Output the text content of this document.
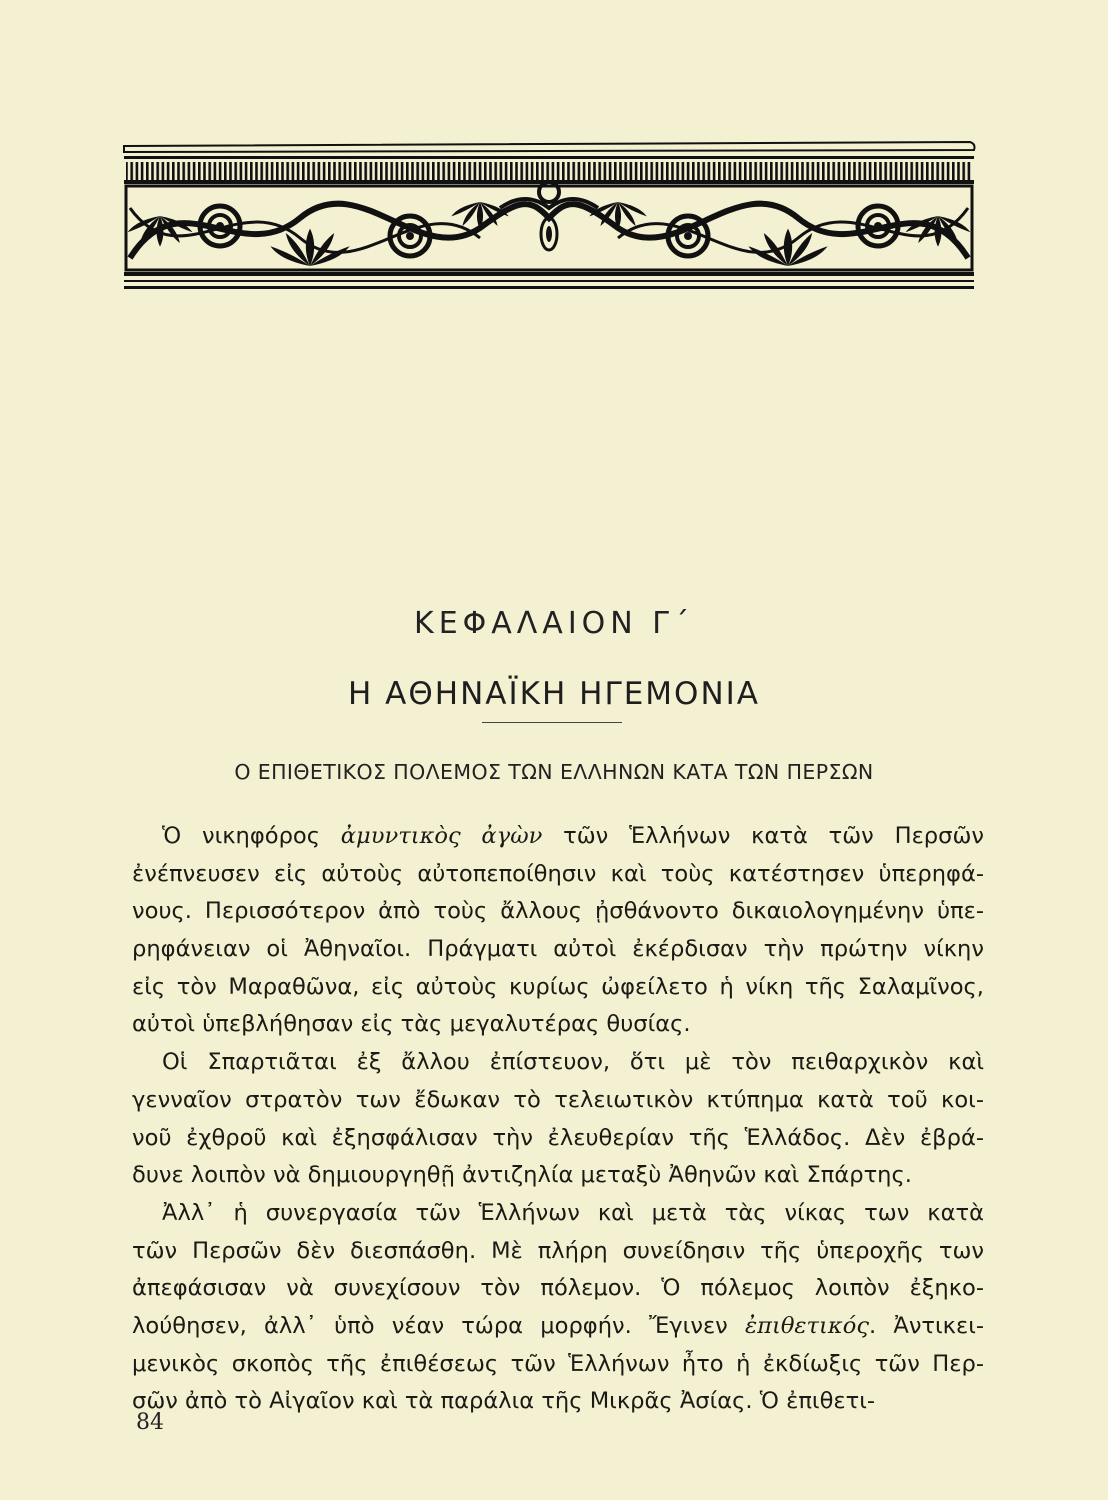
ΚΕΦΑΛΑΙΟΝ Γ΄
Η ΑΘΗΝΑΪΚΗ ΗΓΕΜΟΝΙΑ
Ο ΕΠΙΘΕΤΙΚΟΣ ΠΟΛΕΜΟΣ ΤΩΝ ΕΛΛΗΝΩΝ ΚΑΤΑ ΤΩΝ ΠΕΡΣΩΝ

Ὁ νικηφόρος ἀμυντικὸς ἀγὼν τῶν Ἑλλήνων κατὰ τῶν Περσῶν
ἐνέπνευσεν εἰς αὐτοὺς αὐτοπεποίθησιν καὶ τοὺς κατέστησεν ὑπερηφά-
νους. Περισσότερον ἀπὸ τοὺς ἄλλους ᾐσθάνοντο δικαιολογημένην ὑπε-
ρηφάνειαν οἱ Ἀθηναῖοι. Πράγματι αὐτοὶ ἐκέρδισαν τὴν πρώτην νίκην
εἰς τὸν Μαραθῶνα, εἰς αὐτοὺς κυρίως ὠφείλετο ἡ νίκη τῆς Σαλαμῖνος,
αὐτοὶ ὑπεβλήθησαν εἰς τὰς μεγαλυτέρας θυσίας.

Οἱ Σπαρτιᾶται ἐξ ἄλλου ἐπίστευον, ὅτι μὲ τὸν πειθαρχικὸν καὶ
γενναῖον στρατὸν των ἔδωκαν τὸ τελειωτικὸν κτύπημα κατὰ τοῦ κοι-
νοῦ ἐχθροῦ καὶ ἐξησφάλισαν τὴν ἐλευθερίαν τῆς Ἑλλάδος. Δὲν ἐβρά-
δυνε λοιπὸν νὰ δημιουργηθῇ ἀντιζηλία μεταξὺ Ἀθηνῶν καὶ Σπάρτης.

Ἀλλ᾽ ἡ συνεργασία τῶν Ἑλλήνων καὶ μετὰ τὰς νίκας των κατὰ
τῶν Περσῶν δὲν διεσπάσθη. Μὲ πλήρη συνείδησιν τῆς ὑπεροχῆς των
ἀπεφάσισαν νὰ συνεχίσουν τὸν πόλεμον. Ὁ πόλεμος λοιπὸν ἐξηκο-
λούθησεν, ἀλλ᾽ ὑπὸ νέαν τώρα μορφήν. Ἔγινεν ἐπιθετικός. Ἀντικει-
μενικὸς σκοπὸς τῆς ἐπιθέσεως τῶν Ἑλλήνων ἦτο ἡ ἐκδίωξις τῶν Περ-
σῶν ἀπὸ τὸ Αἰγαῖον καὶ τὰ παράλια τῆς Μικρᾶς Ἀσίας. Ὁ ἐπιθετι-

84
